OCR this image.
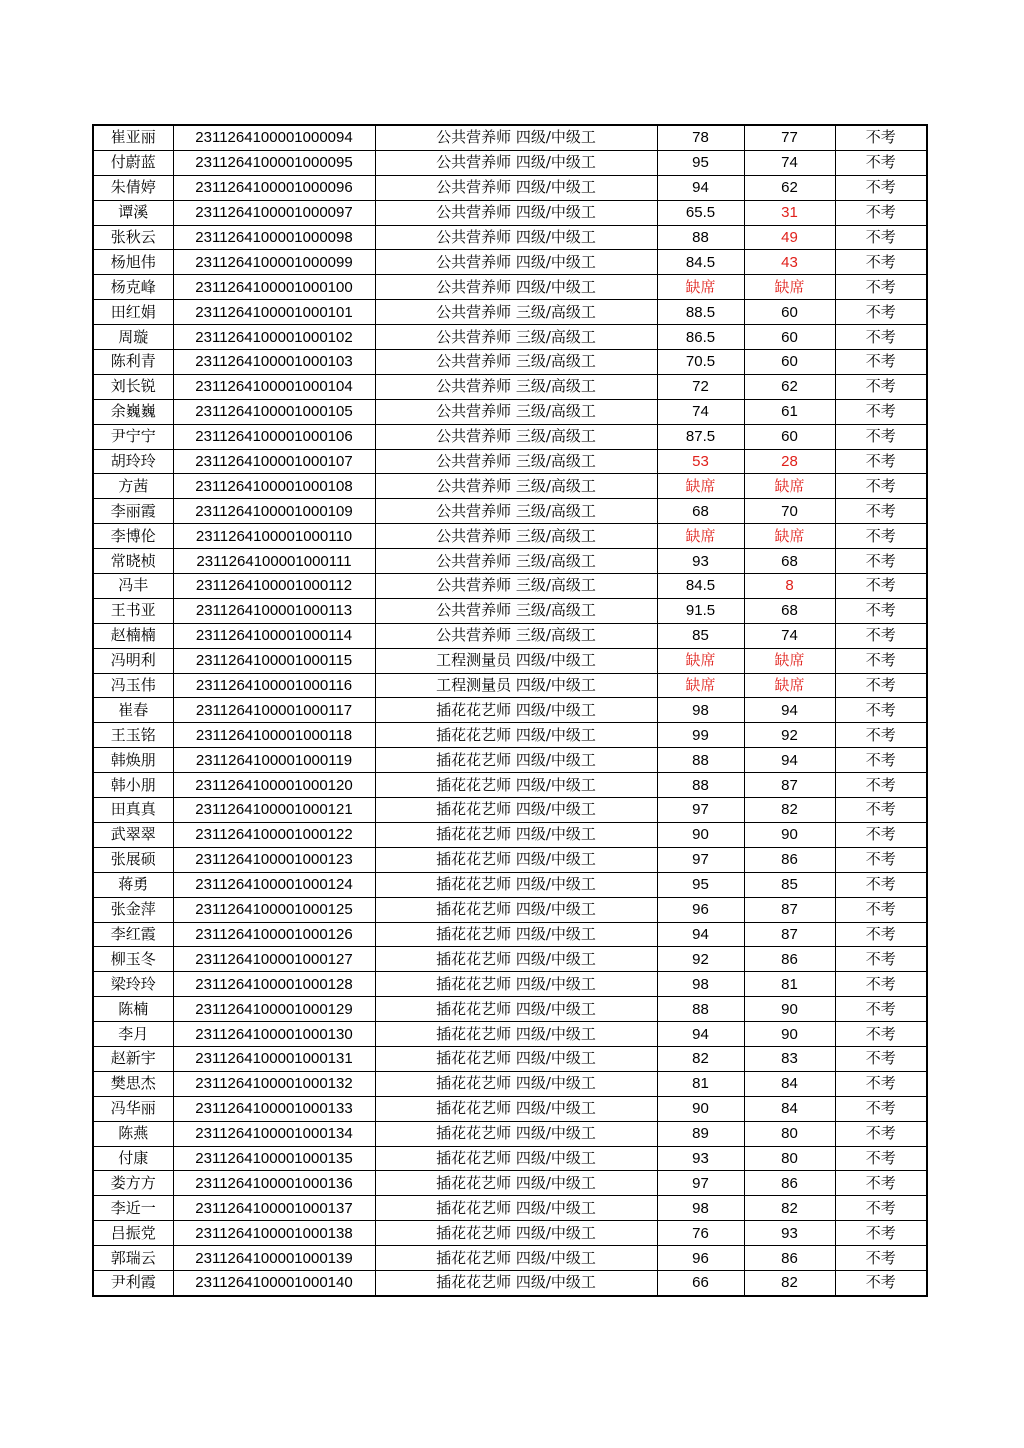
崔亚丽	2311264100001000094	公共营养师 四级/中级工	78	77	不考
付蔚蓝	2311264100001000095	公共营养师 四级/中级工	95	74	不考
朱倩婷	2311264100001000096	公共营养师 四级/中级工	94	62	不考
谭溪	2311264100001000097	公共营养师 四级/中级工	65.5	31	不考
张秋云	2311264100001000098	公共营养师 四级/中级工	88	49	不考
杨旭伟	2311264100001000099	公共营养师 四级/中级工	84.5	43	不考
杨克峰	2311264100001000100	公共营养师 四级/中级工	缺席	缺席	不考
田红娟	2311264100001000101	公共营养师 三级/高级工	88.5	60	不考
周璇	2311264100001000102	公共营养师 三级/高级工	86.5	60	不考
陈利青	2311264100001000103	公共营养师 三级/高级工	70.5	60	不考
刘长锐	2311264100001000104	公共营养师 三级/高级工	72	62	不考
余巍巍	2311264100001000105	公共营养师 三级/高级工	74	61	不考
尹宁宁	2311264100001000106	公共营养师 三级/高级工	87.5	60	不考
胡玲玲	2311264100001000107	公共营养师 三级/高级工	53	28	不考
方茜	2311264100001000108	公共营养师 三级/高级工	缺席	缺席	不考
李丽霞	2311264100001000109	公共营养师 三级/高级工	68	70	不考
李博伦	2311264100001000110	公共营养师 三级/高级工	缺席	缺席	不考
常晓桢	2311264100001000111	公共营养师 三级/高级工	93	68	不考
冯丰	2311264100001000112	公共营养师 三级/高级工	84.5	8	不考
王书亚	2311264100001000113	公共营养师 三级/高级工	91.5	68	不考
赵楠楠	2311264100001000114	公共营养师 三级/高级工	85	74	不考
冯明利	2311264100001000115	工程测量员 四级/中级工	缺席	缺席	不考
冯玉伟	2311264100001000116	工程测量员 四级/中级工	缺席	缺席	不考
崔春	2311264100001000117	插花花艺师 四级/中级工	98	94	不考
王玉铭	2311264100001000118	插花花艺师 四级/中级工	99	92	不考
韩焕朋	2311264100001000119	插花花艺师 四级/中级工	88	94	不考
韩小朋	2311264100001000120	插花花艺师 四级/中级工	88	87	不考
田真真	2311264100001000121	插花花艺师 四级/中级工	97	82	不考
武翠翠	2311264100001000122	插花花艺师 四级/中级工	90	90	不考
张展硕	2311264100001000123	插花花艺师 四级/中级工	97	86	不考
蒋勇	2311264100001000124	插花花艺师 四级/中级工	95	85	不考
张金萍	2311264100001000125	插花花艺师 四级/中级工	96	87	不考
李红霞	2311264100001000126	插花花艺师 四级/中级工	94	87	不考
柳玉冬	2311264100001000127	插花花艺师 四级/中级工	92	86	不考
梁玲玲	2311264100001000128	插花花艺师 四级/中级工	98	81	不考
陈楠	2311264100001000129	插花花艺师 四级/中级工	88	90	不考
李月	2311264100001000130	插花花艺师 四级/中级工	94	90	不考
赵新宇	2311264100001000131	插花花艺师 四级/中级工	82	83	不考
樊思杰	2311264100001000132	插花花艺师 四级/中级工	81	84	不考
冯华丽	2311264100001000133	插花花艺师 四级/中级工	90	84	不考
陈燕	2311264100001000134	插花花艺师 四级/中级工	89	80	不考
付康	2311264100001000135	插花花艺师 四级/中级工	93	80	不考
娄方方	2311264100001000136	插花花艺师 四级/中级工	97	86	不考
李近一	2311264100001000137	插花花艺师 四级/中级工	98	82	不考
吕振党	2311264100001000138	插花花艺师 四级/中级工	76	93	不考
郭瑞云	2311264100001000139	插花花艺师 四级/中级工	96	86	不考
尹利霞	2311264100001000140	插花花艺师 四级/中级工	66	82	不考
